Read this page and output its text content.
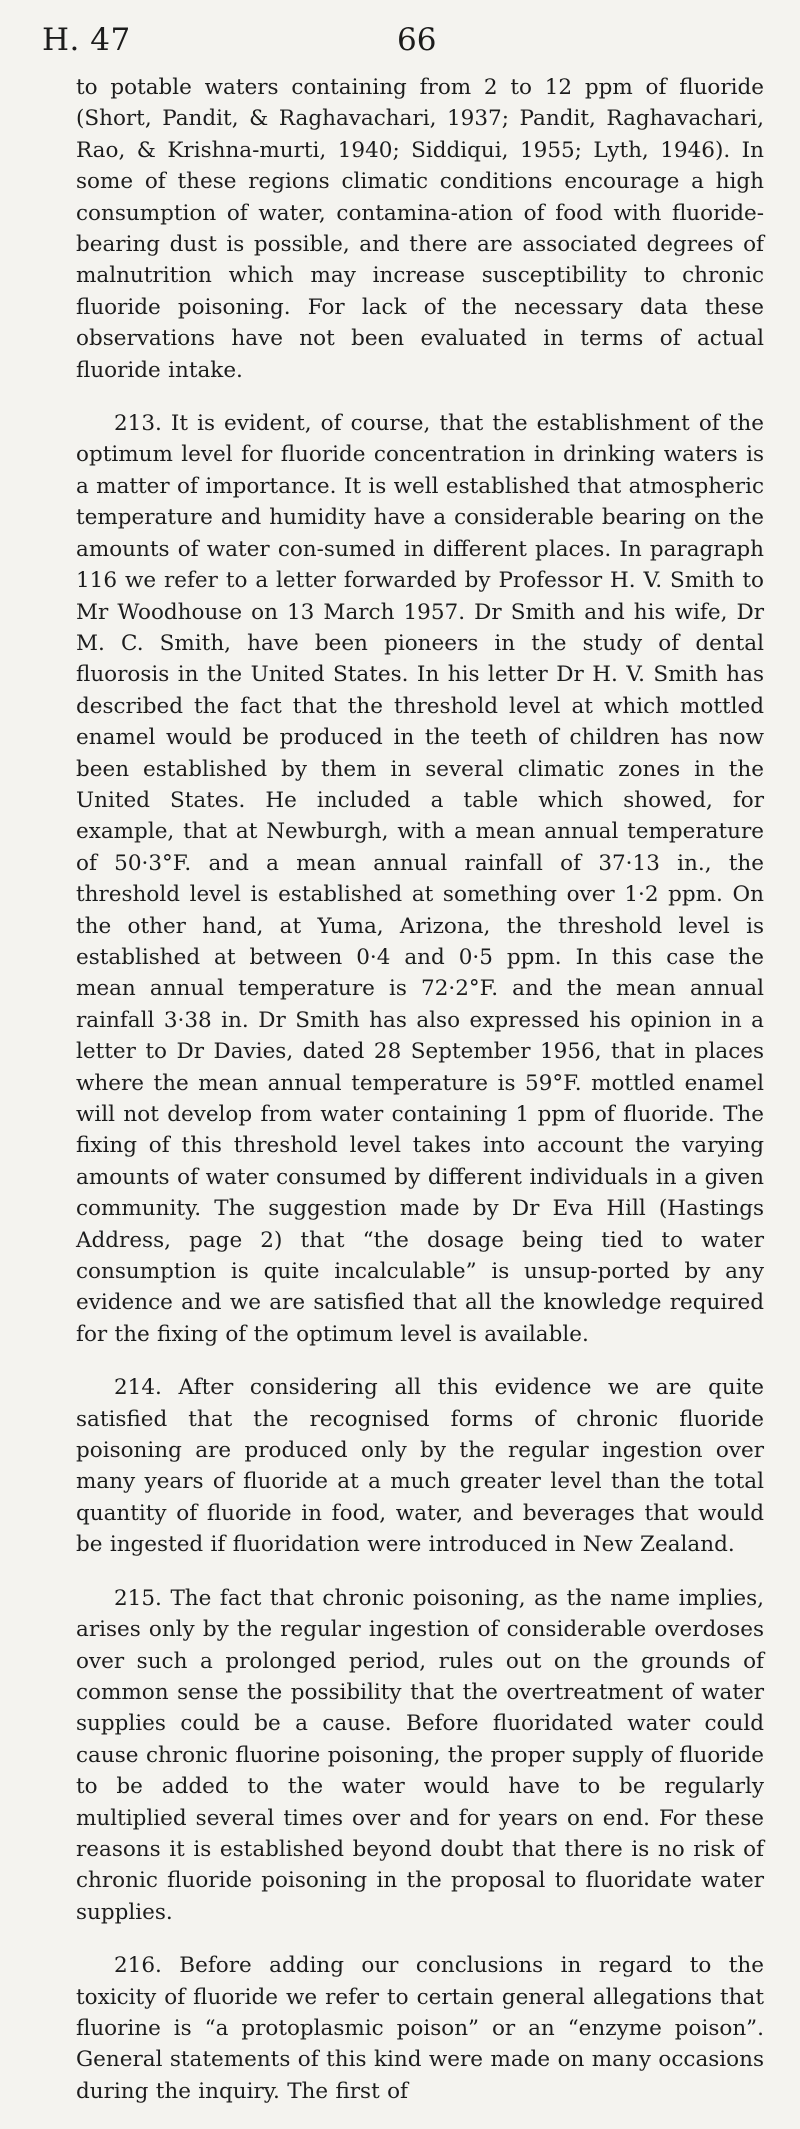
H. 47	66

to potable waters containing from 2 to 12 ppm of fluoride (Short, Pandit, & Raghavachari, 1937; Pandit, Raghavachari, Rao, & Krishna-murti, 1940; Siddiqui, 1955; Lyth, 1946). In some of these regions climatic conditions encourage a high consumption of water, contamina-ation of food with fluoride-bearing dust is possible, and there are associated degrees of malnutrition which may increase susceptibility to chronic fluoride poisoning. For lack of the necessary data these observations have not been evaluated in terms of actual fluoride intake.

213. It is evident, of course, that the establishment of the optimum level for fluoride concentration in drinking waters is a matter of importance. It is well established that atmospheric temperature and humidity have a considerable bearing on the amounts of water con-sumed in different places. In paragraph 116 we refer to a letter forwarded by Professor H. V. Smith to Mr Woodhouse on 13 March 1957. Dr Smith and his wife, Dr M. C. Smith, have been pioneers in the study of dental fluorosis in the United States. In his letter Dr H. V. Smith has described the fact that the threshold level at which mottled enamel would be produced in the teeth of children has now been established by them in several climatic zones in the United States. He included a table which showed, for example, that at Newburgh, with a mean annual temperature of 50·3°F. and a mean annual rainfall of 37·13 in., the threshold level is established at something over 1·2 ppm. On the other hand, at Yuma, Arizona, the threshold level is established at between 0·4 and 0·5 ppm. In this case the mean annual temperature is 72·2°F. and the mean annual rainfall 3·38 in. Dr Smith has also expressed his opinion in a letter to Dr Davies, dated 28 September 1956, that in places where the mean annual temperature is 59°F. mottled enamel will not develop from water containing 1 ppm of fluoride. The fixing of this threshold level takes into account the varying amounts of water consumed by different individuals in a given community. The suggestion made by Dr Eva Hill (Hastings Address, page 2) that “the dosage being tied to water consumption is quite incalculable” is unsup-ported by any evidence and we are satisfied that all the knowledge required for the fixing of the optimum level is available.

214. After considering all this evidence we are quite satisfied that the recognised forms of chronic fluoride poisoning are produced only by the regular ingestion over many years of fluoride at a much greater level than the total quantity of fluoride in food, water, and beverages that would be ingested if fluoridation were introduced in New Zealand.

215. The fact that chronic poisoning, as the name implies, arises only by the regular ingestion of considerable overdoses over such a prolonged period, rules out on the grounds of common sense the possibility that the overtreatment of water supplies could be a cause. Before fluoridated water could cause chronic fluorine poisoning, the proper supply of fluoride to be added to the water would have to be regularly multiplied several times over and for years on end. For these reasons it is established beyond doubt that there is no risk of chronic fluoride poisoning in the proposal to fluoridate water supplies.

216. Before adding our conclusions in regard to the toxicity of fluoride we refer to certain general allegations that fluorine is “a protoplasmic poison” or an “enzyme poison”. General statements of this kind were made on many occasions during the inquiry. The first of
